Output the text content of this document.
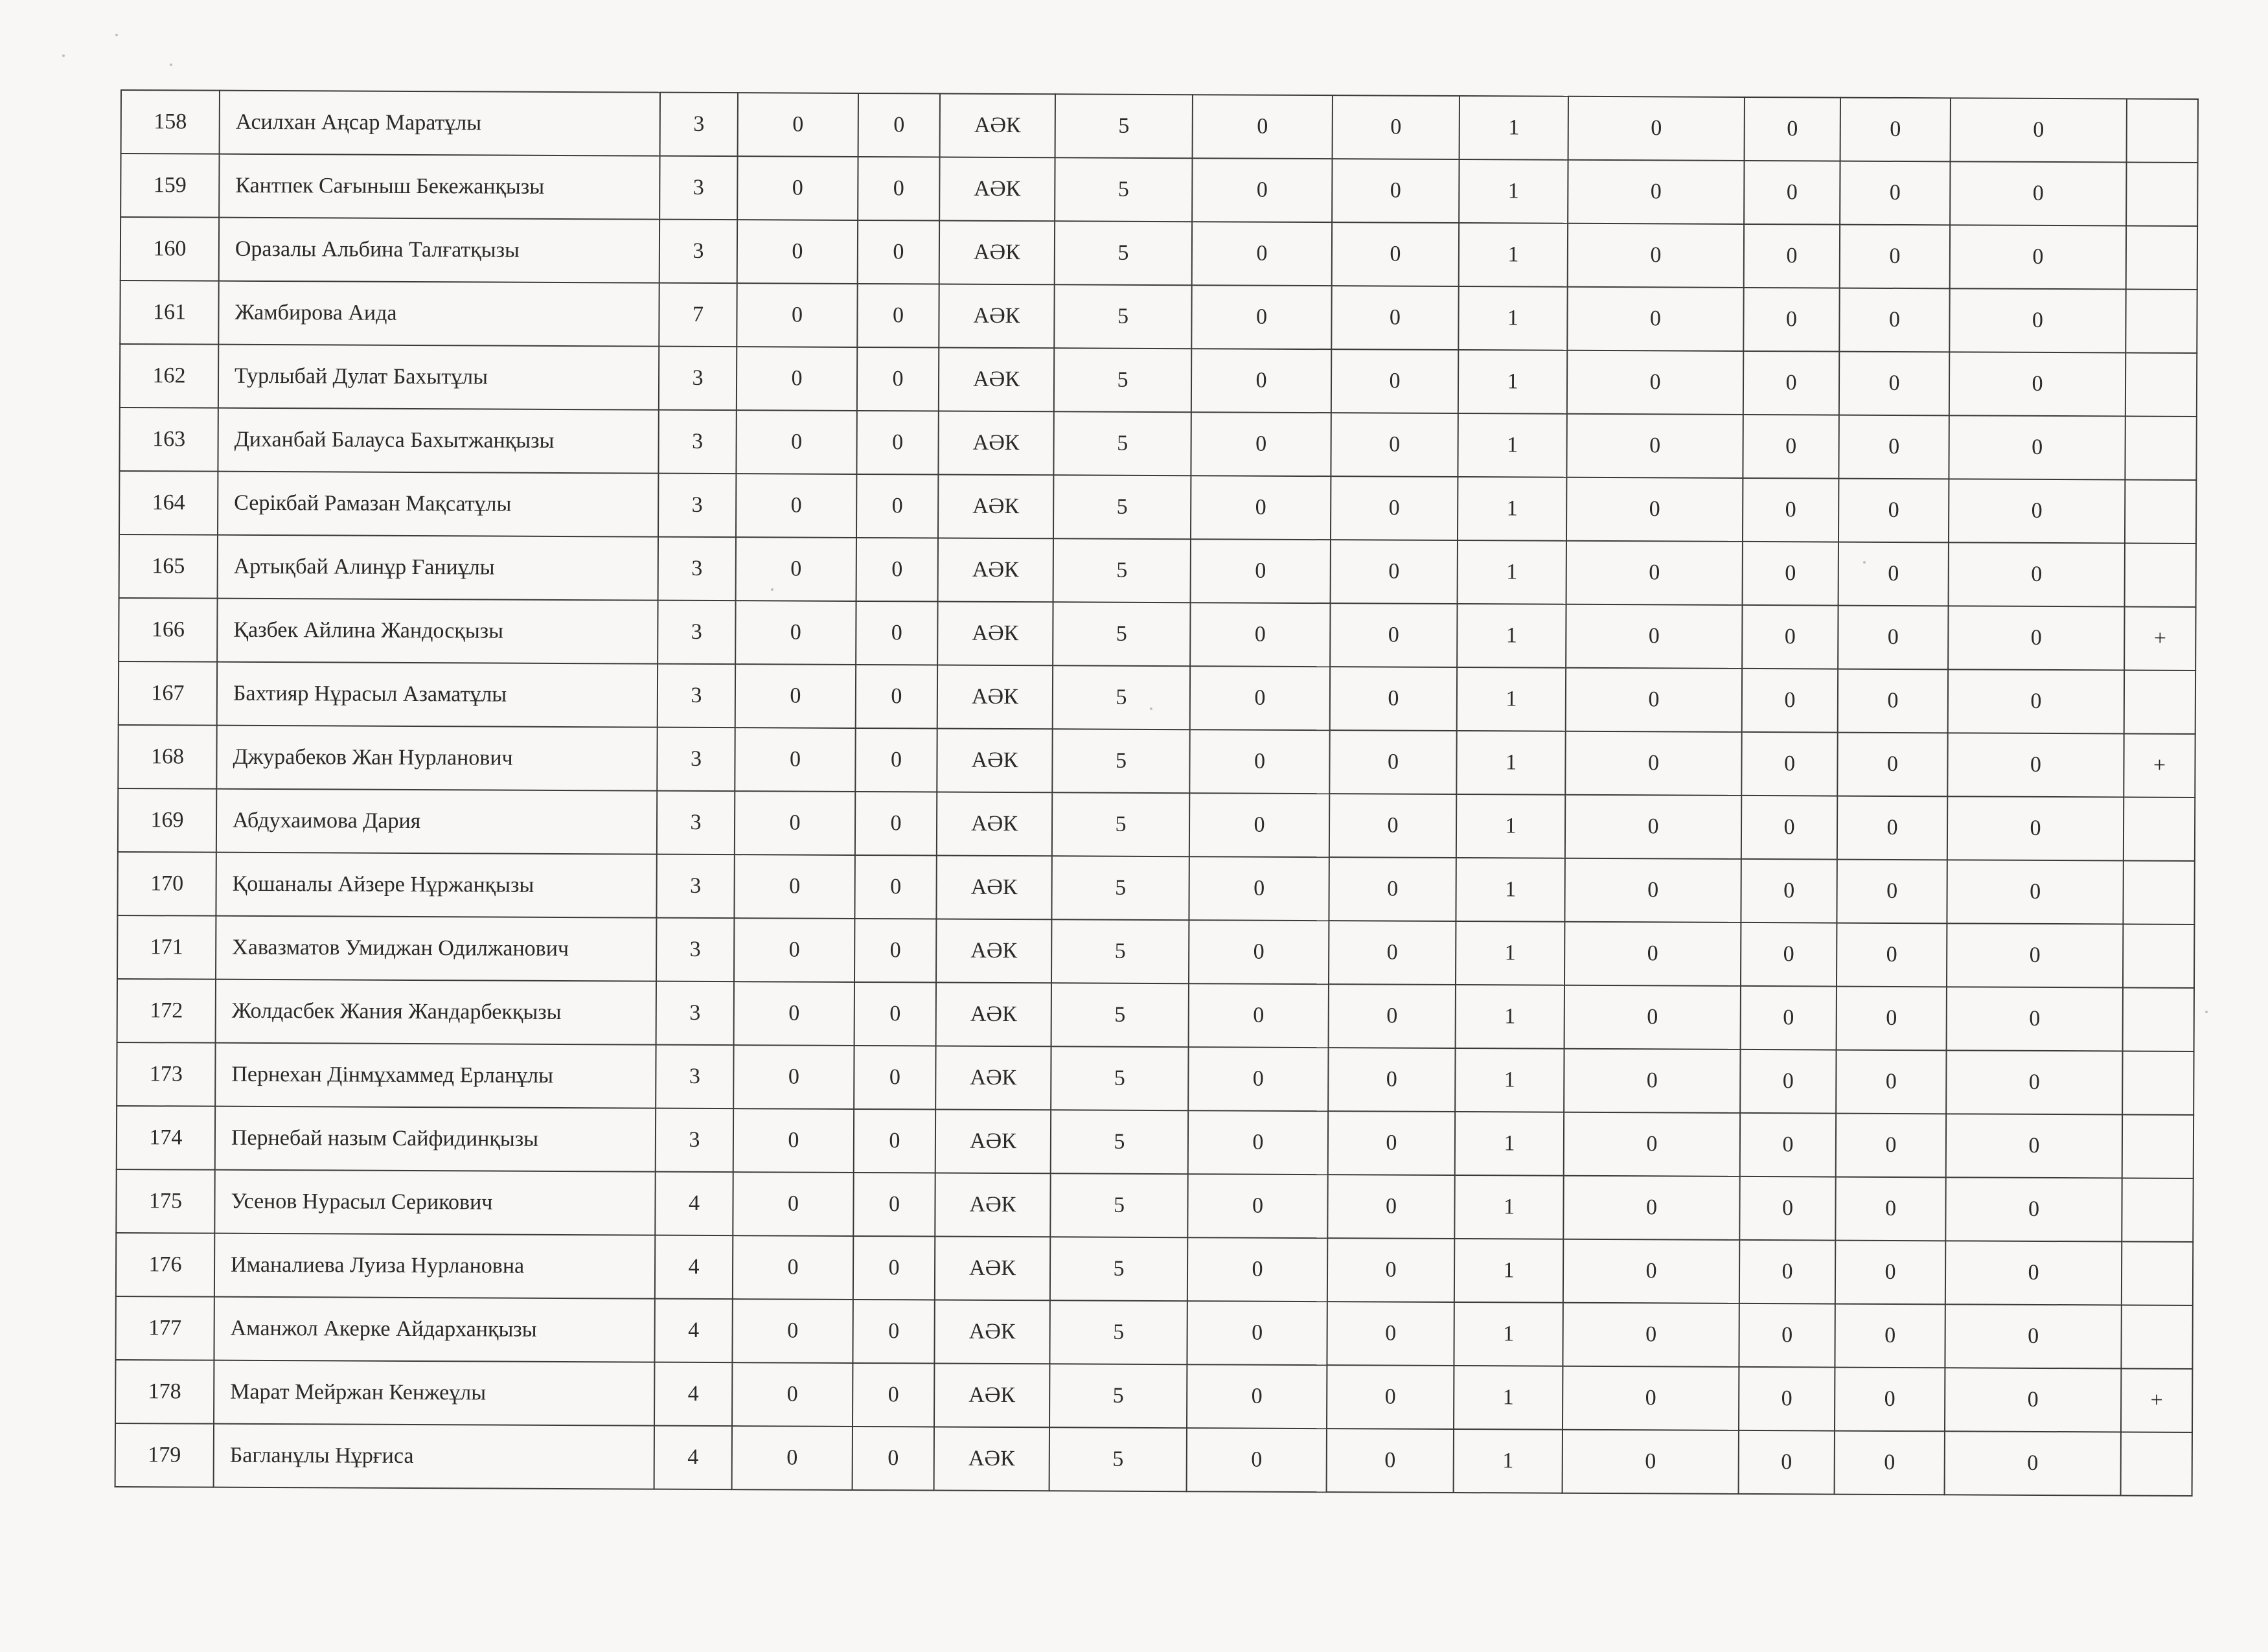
158	Асилхан Аңсар Маратұлы	3	0	0	АӘК	5	0	0	1	0	0	0	0	
159	Кантпек Сағыныш Бекежанқызы	3	0	0	АӘК	5	0	0	1	0	0	0	0	
160	Оразалы Альбина Талғатқызы	3	0	0	АӘК	5	0	0	1	0	0	0	0	
161	Жамбирова Аида	7	0	0	АӘК	5	0	0	1	0	0	0	0	
162	Турлыбай Дулат Бахытұлы	3	0	0	АӘК	5	0	0	1	0	0	0	0	
163	Диханбай Балауса Бахытжанқызы	3	0	0	АӘК	5	0	0	1	0	0	0	0	
164	Серікбай Рамазан Мақсатұлы	3	0	0	АӘК	5	0	0	1	0	0	0	0	
165	Артықбай Алинұр Ғаниұлы	3	0	0	АӘК	5	0	0	1	0	0	0	0	
166	Қазбек Айлина Жандосқызы	3	0	0	АӘК	5	0	0	1	0	0	0	0	+
167	Бахтияр Нұрасыл Азаматұлы	3	0	0	АӘК	5	0	0	1	0	0	0	0	
168	Джурабеков Жан Нурланович	3	0	0	АӘК	5	0	0	1	0	0	0	0	+
169	Абдухаимова Дария	3	0	0	АӘК	5	0	0	1	0	0	0	0	
170	Қошаналы Айзере Нұржанқызы	3	0	0	АӘК	5	0	0	1	0	0	0	0	
171	Хавазматов Умиджан Одилжанович	3	0	0	АӘК	5	0	0	1	0	0	0	0	
172	Жолдасбек Жания Жандарбекқызы	3	0	0	АӘК	5	0	0	1	0	0	0	0	
173	Пернехан Дінмұхаммед Ерланұлы	3	0	0	АӘК	5	0	0	1	0	0	0	0	
174	Пернебай назым Сайфидинқызы	3	0	0	АӘК	5	0	0	1	0	0	0	0	
175	Усенов Нурасыл Серикович	4	0	0	АӘК	5	0	0	1	0	0	0	0	
176	Иманалиева Луиза Нурлановна	4	0	0	АӘК	5	0	0	1	0	0	0	0	
177	Аманжол Акерке Айдарханқызы	4	0	0	АӘК	5	0	0	1	0	0	0	0	
178	Марат Мейржан Кенжеұлы	4	0	0	АӘК	5	0	0	1	0	0	0	0	+
179	Багланұлы Нұрғиса	4	0	0	АӘК	5	0	0	1	0	0	0	0	
